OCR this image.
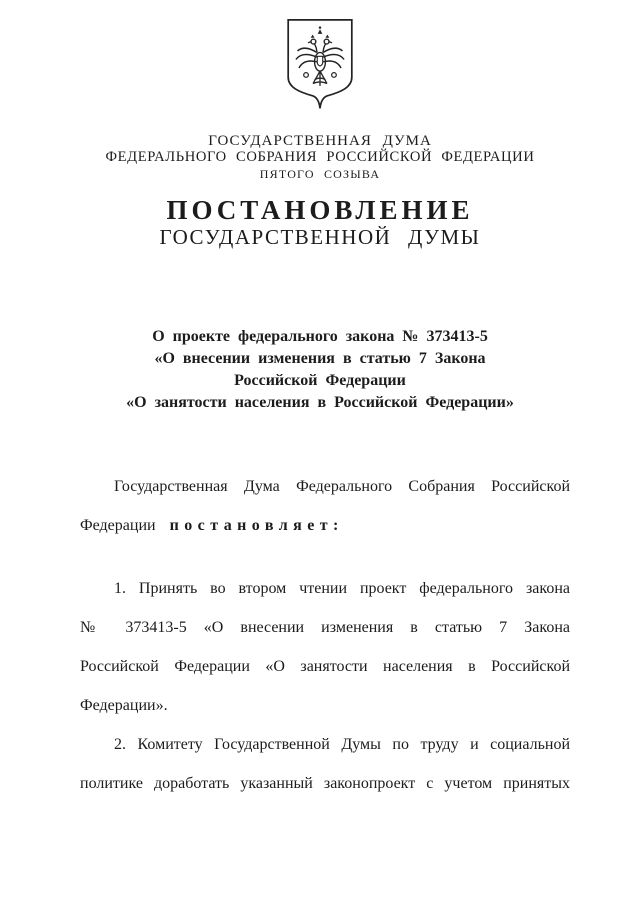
ГОСУДАРСТВЕННАЯ ДУМА
ФЕДЕРАЛЬНОГО СОБРАНИЯ РОССИЙСКОЙ ФЕДЕРАЦИИ
ПЯТОГО СОЗЫВА
ПОСТАНОВЛЕНИЕ
ГОСУДАРСТВЕННОЙ ДУМЫ
О проекте федерального закона № 373413-5
«О внесении изменения в статью 7 Закона
Российской Федерации
«О занятости населения в Российской Федерации»
Государственная Дума Федерального Собрания Российской
Федерации постановляет:
1. Принять во втором чтении проект федерального закона
№ 373413-5 «О внесении изменения в статью 7 Закона
Российской Федерации «О занятости населения в Российской
Федерации».
2. Комитету Государственной Думы по труду и социальной
политике доработать указанный законопроект с учетом принятых
